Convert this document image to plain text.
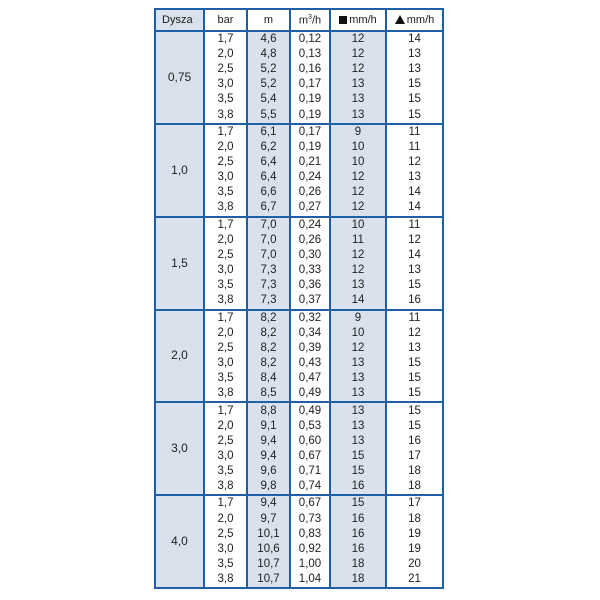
Dysza	bar	m	$m^3/h$	mm/h	mm/h
0,75	1,7	4,6	0,12	12	14
	2,0	4,8	0,13	12	13
	2,5	5,2	0,16	12	13
	3,0	5,2	0,17	13	15
	3,5	5,4	0,19	13	15
	3,8	5,5	0,19	13	15
1,0	1,7	6,1	0,17	9	11
	2,0	6,2	0,19	10	11
	2,5	6,4	0,21	10	12
	3,0	6,4	0,24	12	13
	3,5	6,6	0,26	12	14
	3,8	6,7	0,27	12	14
1,5	1,7	7,0	0,24	10	11
	2,0	7,0	0,26	11	12
	2,5	7,0	0,30	12	14
	3,0	7,3	0,33	12	13
	3,5	7,3	0,36	13	15
	3,8	7,3	0,37	14	16
2,0	1,7	8,2	0,32	9	11
	2,0	8,2	0,34	10	12
	2,5	8,2	0,39	12	13
	3,0	8,2	0,43	13	15
	3,5	8,4	0,47	13	15
	3,8	8,5	0,49	13	15
3,0	1,7	8,8	0,49	13	15
	2,0	9,1	0,53	13	15
	2,5	9,4	0,60	13	16
	3,0	9,4	0,67	15	17
	3,5	9,6	0,71	15	18
	3,8	9,8	0,74	16	18
4,0	1,7	9,4	0,67	15	17
	2,0	9,7	0,73	16	18
	2,5	10,1	0,83	16	19
	3,0	10,6	0,92	16	19
	3,5	10,7	1,00	18	20
	3,8	10,7	1,04	18	21
